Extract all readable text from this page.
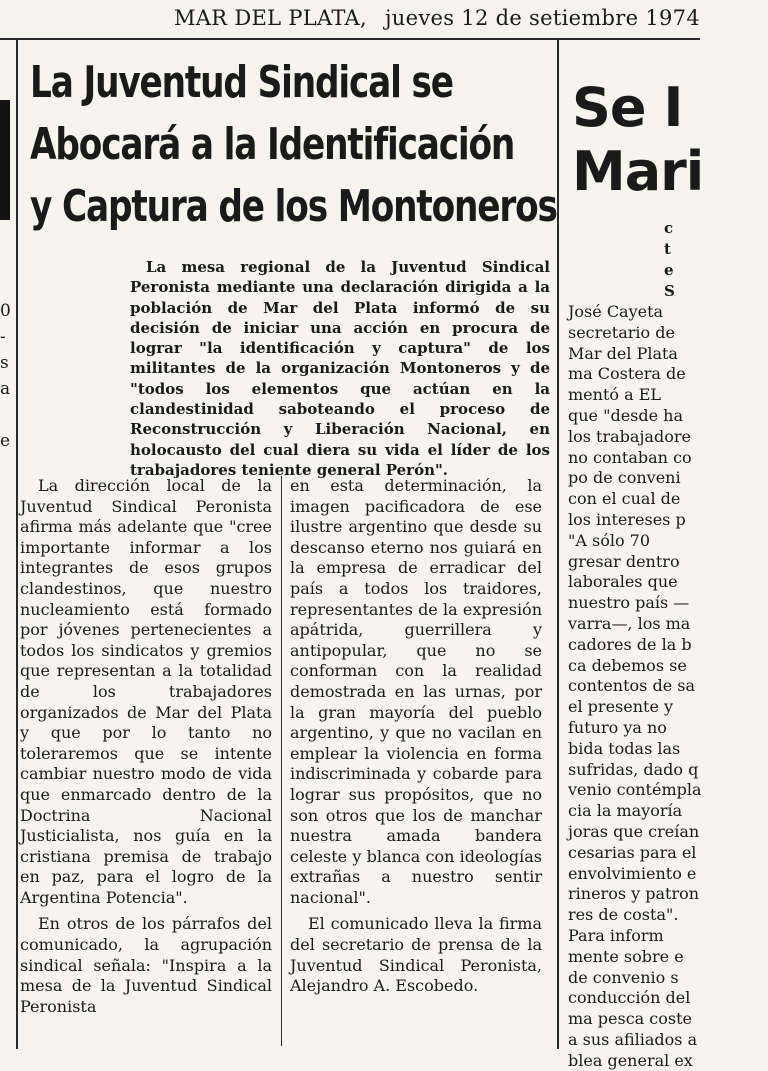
MAR DEL PLATA, jueves 12 de setiembre 1974
0
-
s
a
e
La Juventud Sindical se
Abocará a la Identificación
y Captura de los Montoneros

La mesa regional de la Juventud Sindical Peronista mediante una declaración dirigida a la población de Mar del Plata informó de su decisión de iniciar una acción en procura de lograr "la identificación y captura" de los militantes de la organización Montoneros y de "todos los elementos que actúan en la clandestinidad saboteando el proceso de Reconstrucción y Liberación Nacional, en holocausto del cual diera su vida el líder de los trabajadores teniente general Perón".

La dirección local de la Juventud Sindical Peronista afirma más adelante que "cree importante informar a los integrantes de esos grupos clandestinos, que nuestro nucleamiento está formado por jóvenes pertenecientes a todos los sindicatos y gremios que representan a la totalidad de los trabajadores organizados de Mar del Plata y que por lo tanto no toleraremos que se intente cambiar nuestro modo de vida que enmarcado dentro de la Doctrina Nacional Justicialista, nos guía en la cristiana premisa de trabajo en paz, para el logro de la Argentina Potencia".

En otros de los párrafos del comunicado, la agrupación sindical señala: "Inspira a la mesa de la Juventud Sindical Peronista

en esta determinación, la imagen pacificadora de ese ilustre argentino que desde su descanso eterno nos guiará en la empresa de erradicar del país a todos los traidores, representantes de la expresión apátrida, guerrillera y antipopular, que no se conforman con la realidad demostrada en las urnas, por la gran mayoría del pueblo argentino, y que no vacilan en emplear la violencia en forma indiscriminada y cobarde para lograr sus propósitos, que no son otros que los de manchar nuestra amada bandera celeste y blanca con ideologías extrañas a nuestro sentir nacional".

El comunicado lleva la firma del secretario de prensa de la Juventud Sindical Peronista, Alejandro A. Escobedo.

Se I
Mari
c
t
e
S
José Cayeta
secretario de
Mar del Plata
ma Costera de
mentó a EL
que "desde ha
los trabajadore
no contaban co
po de conveni
con el cual de
los intereses p
"A sólo 70
gresar dentro
laborales que
nuestro país —
varra—, los ma
cadores de la b
ca debemos se
contentos de sa
el presente y
futuro ya no
bida todas las
sufridas, dado q
venio contémpla
cia la mayoría
joras que creían
cesarias para el
envolvimiento e
rineros y patron
res de costa".
Para inform
mente sobre e
de convenio s
conducción del
ma pesca coste
a sus afiliados a
blea general ex
